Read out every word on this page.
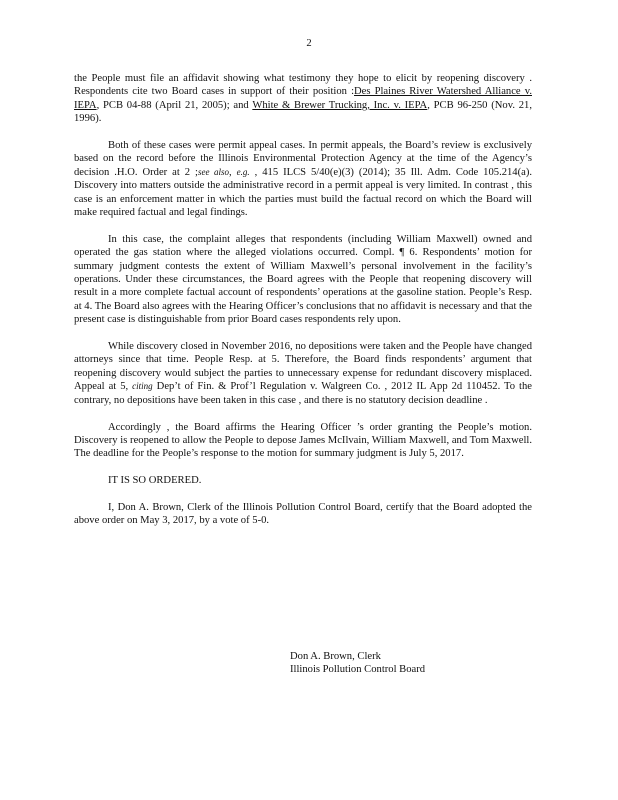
2

the People must file an affidavit showing what testimony they hope to elicit by reopening discovery . Respondents cite two Board cases in support of their position :Des Plaines River Watershed Alliance v. IEPA, PCB 04-88 (April 21, 2005); and White & Brewer Trucking, Inc. v. IEPA, PCB 96-250 (Nov. 21, 1996).

Both of these cases were permit appeal cases. In permit appeals, the Board’s review is exclusively based on the record before the Illinois Environmental Protection Agency at the time of the Agency’s decision .H.O. Order at 2 ;see also, e.g. , 415 ILCS 5/40(e)(3) (2014); 35 Ill. Adm. Code 105.214(a). Discovery into matters outside the administrative record in a permit appeal is very limited. In contrast , this case is an enforcement matter in which the parties must build the factual record on which the Board will make required factual and legal findings.

In this case, the complaint alleges that respondents (including William Maxwell) owned and operated the gas station where the alleged violations occurred. Compl. ¶ 6. Respondents’ motion for summary judgment contests the extent of William Maxwell’s personal involvement in the facility’s operations. Under these circumstances, the Board agrees with the People that reopening discovery will result in a more complete factual account of respondents’ operations at the gasoline station. People’s Resp. at 4. The Board also agrees with the Hearing Officer’s conclusions that no affidavit is necessary and that the present case is distinguishable from prior Board cases respondents rely upon.

While discovery closed in November 2016, no depositions were taken and the People have changed attorneys since that time. People Resp. at 5. Therefore, the Board finds respondents’ argument that reopening discovery would subject the parties to unnecessary expense for redundant discovery misplaced. Appeal at 5, citing Dep’t of Fin. & Prof’l Regulation v. Walgreen Co. , 2012 IL App 2d 110452. To the contrary, no depositions have been taken in this case , and there is no statutory decision deadline .

Accordingly , the Board affirms the Hearing Officer ’s order granting the People’s motion. Discovery is reopened to allow the People to depose James McIlvain, William Maxwell, and Tom Maxwell. The deadline for the People’s response to the motion for summary judgment is July 5, 2017.

IT IS SO ORDERED.

I, Don A. Brown, Clerk of the Illinois Pollution Control Board, certify that the Board adopted the above order on May 3, 2017, by a vote of 5-0.

Don A. Brown, Clerk
Illinois Pollution Control Board
